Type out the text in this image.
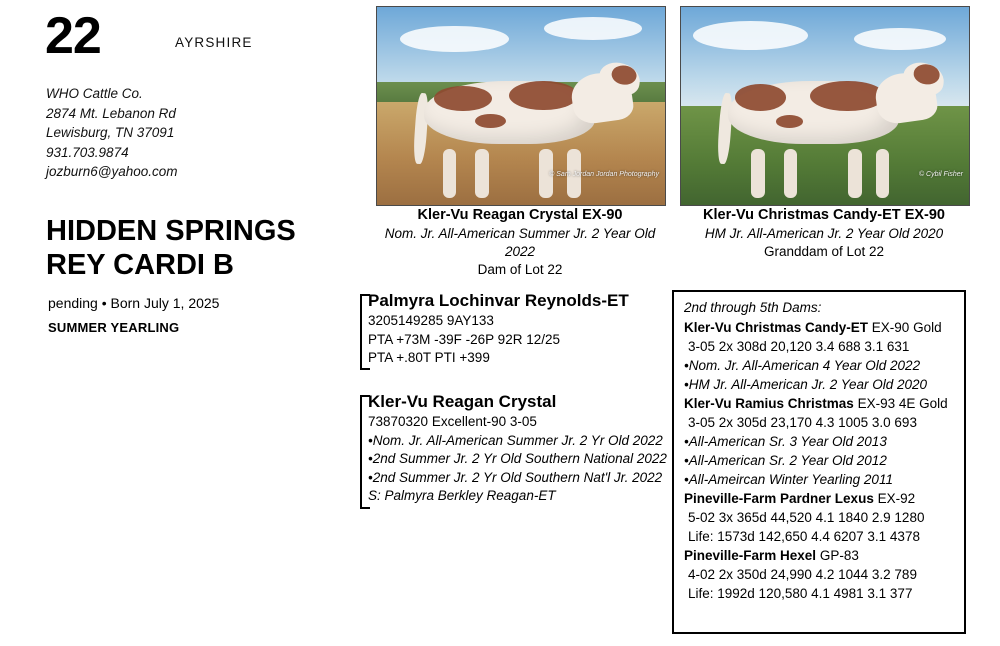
22	AYRSHIRE
WHO Cattle Co.
2874 Mt. Lebanon Rd
Lewisburg, TN 37091
931.703.9874
jozburn6@yahoo.com
HIDDEN SPRINGS
REY CARDI B
pending • Born July 1, 2025
SUMMER YEARLING
© Sam Jordan Jordan Photography	© Cybil Fisher
Kler-Vu Reagan Crystal EX-90
Nom. Jr. All-American Summer Jr. 2 Year Old 2022
Dam of Lot 22
Kler-Vu Christmas Candy-ET EX-90
HM Jr. All-American Jr. 2 Year Old 2020
Granddam of Lot 22
Palmyra Lochinvar Reynolds-ET
3205149285 9AY133
PTA +73M -39F -26P 92R 12/25
PTA +.80T PTI +399
Kler-Vu Reagan Crystal
73870320 Excellent-90 3-05
•Nom. Jr. All-American Summer Jr. 2 Yr Old 2022
•2nd Summer Jr. 2 Yr Old Southern National 2022
•2nd Summer Jr. 2 Yr Old Southern Nat'l Jr. 2022
S: Palmyra Berkley Reagan-ET
2nd through 5th Dams:
Kler-Vu Christmas Candy-ET EX-90 Gold
3-05 2x 308d 20,120 3.4 688 3.1 631
•Nom. Jr. All-American 4 Year Old 2022
•HM Jr. All-American Jr. 2 Year Old 2020
Kler-Vu Ramius Christmas EX-93 4E Gold
3-05 2x 305d 23,170 4.3 1005 3.0 693
•All-American Sr. 3 Year Old 2013
•All-American Sr. 2 Year Old 2012
•All-Ameircan Winter Yearling 2011
Pineville-Farm Pardner Lexus EX-92
5-02 3x 365d 44,520 4.1 1840 2.9 1280
Life: 1573d 142,650 4.4 6207 3.1 4378
Pineville-Farm Hexel GP-83
4-02 2x 350d 24,990 4.2 1044 3.2 789
Life: 1992d 120,580 4.1 4981 3.1 377
